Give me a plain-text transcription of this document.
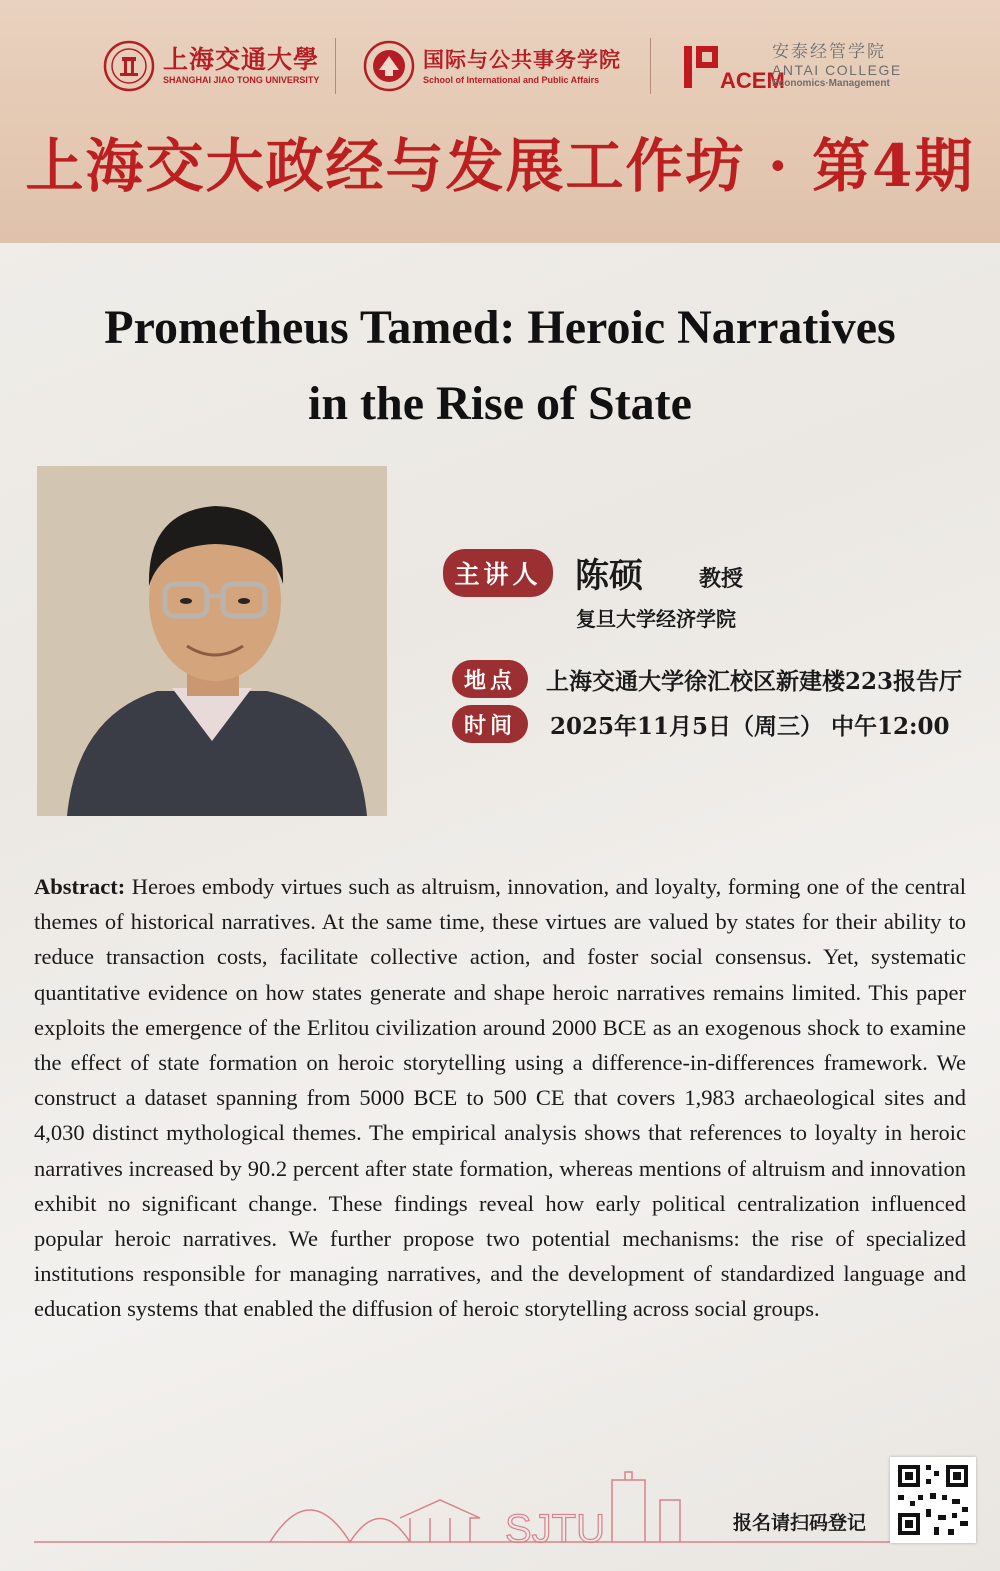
上海交通大學
SHANGHAI JIAO TONG UNIVERSITY
国际与公共事务学院
School of International and Public Affairs	ACEM
安泰经管学院
ANTAI COLLEGE
Economics·Management
上海交大政经与发展工作坊 · 第4期
Prometheus Tamed: Heroic Narratives
in the Rise of State
主讲人 陈硕	教授
复旦大学经济学院
地点	上海交通大学徐汇校区新建楼223报告厅
时间	2025年11月5日（周三） 中午12:00
Abstract: Heroes embody virtues such as altruism, innovation, and loyalty, forming one of the central themes of historical narratives. At the same time, these virtues are valued by states for their ability to reduce transaction costs, facilitate collective action, and foster social consensus. Yet, systematic quantitative evidence on how states generate and shape heroic narratives remains limited. This paper exploits the emergence of the Erlitou civilization around 2000 BCE as an exogenous shock to examine the effect of state formation on heroic storytelling using a difference-in-differences framework. We construct a dataset spanning from 5000 BCE to 500 CE that covers 1,983 archaeological sites and 4,030 distinct mythological themes. The empirical analysis shows that references to loyalty in heroic narratives increased by 90.2 percent after state formation, whereas mentions of altruism and innovation exhibit no significant change. These findings reveal how early political centralization influenced popular heroic narratives. We further propose two potential mechanisms: the rise of specialized institutions responsible for managing narratives, and the development of standardized language and education systems that enabled the diffusion of heroic storytelling across social groups.
SJTU	报名请扫码登记
